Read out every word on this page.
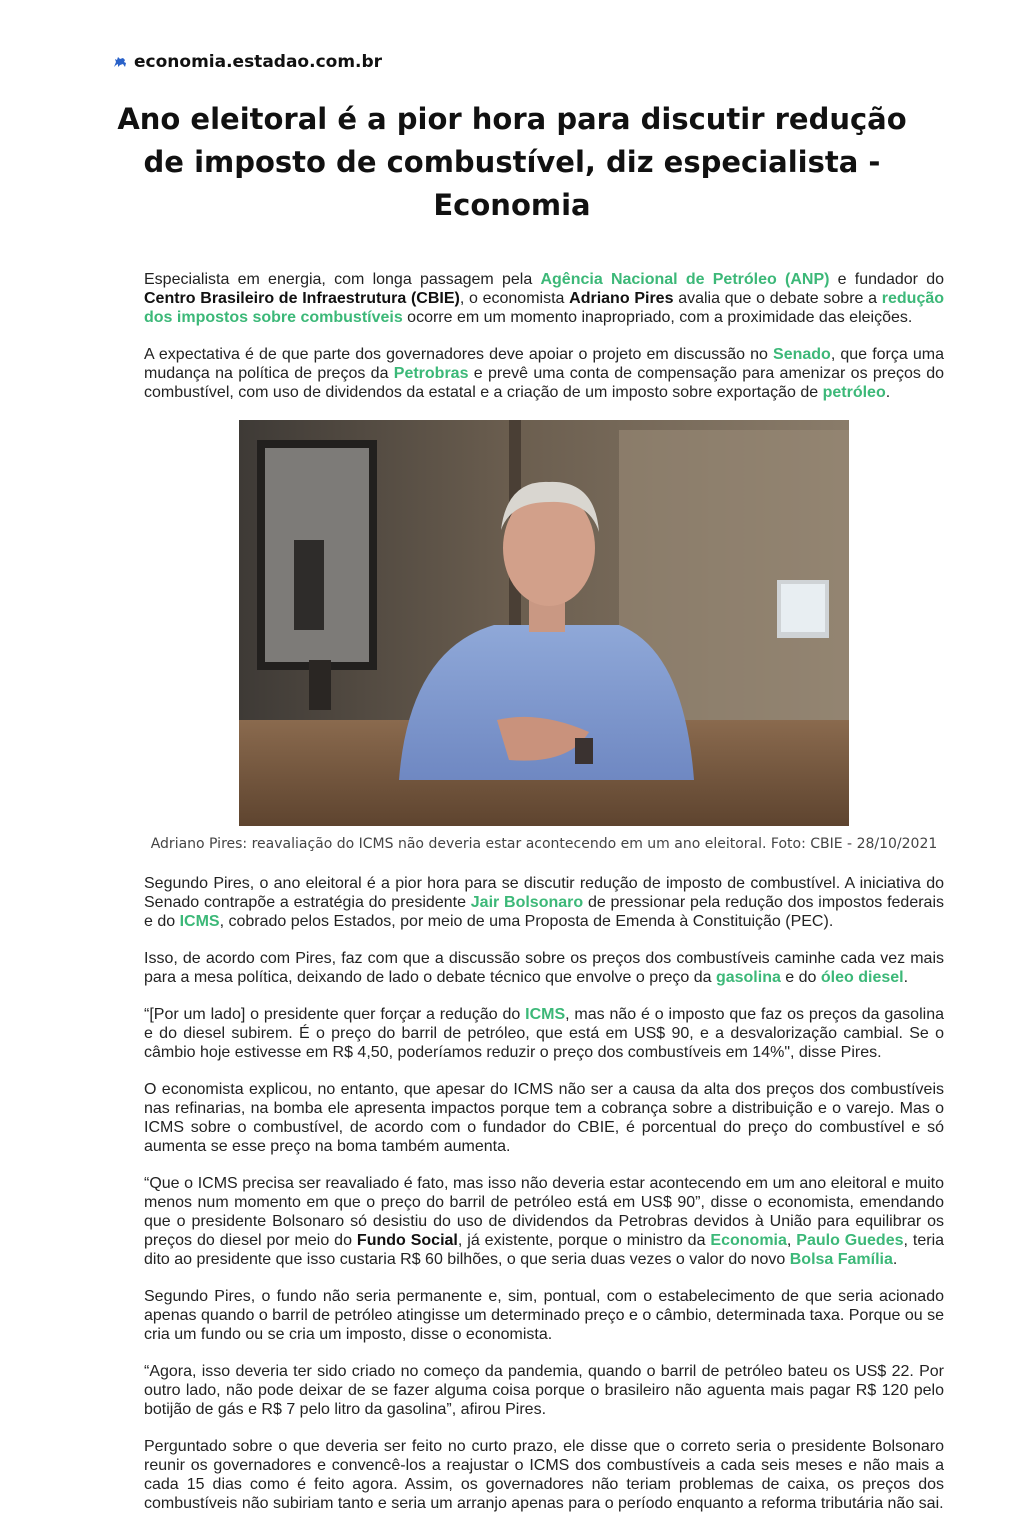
economia.estadao.com.br
Ano eleitoral é a pior hora para discutir redução de imposto de combustível, diz especialista - Economia

Especialista em energia, com longa passagem pela Agência Nacional de Petróleo (ANP) e fundador do Centro Brasileiro de Infraestrutura (CBIE), o economista Adriano Pires avalia que o debate sobre a redução dos impostos sobre combustíveis ocorre em um momento inapropriado, com a proximidade das eleições.

A expectativa é de que parte dos governadores deve apoiar o projeto em discussão no Senado, que força uma mudança na política de preços da Petrobras e prevê uma conta de compensação para amenizar os preços do combustível, com uso de dividendos da estatal e a criação de um imposto sobre exportação de petróleo.

Adriano Pires: reavaliação do ICMS não deveria estar acontecendo em um ano eleitoral. Foto: CBIE - 28/10/2021

Segundo Pires, o ano eleitoral é a pior hora para se discutir redução de imposto de combustível. A iniciativa do Senado contrapõe a estratégia do presidente Jair Bolsonaro de pressionar pela redução dos impostos federais e do ICMS, cobrado pelos Estados, por meio de uma Proposta de Emenda à Constituição (PEC).

Isso, de acordo com Pires, faz com que a discussão sobre os preços dos combustíveis caminhe cada vez mais para a mesa política, deixando de lado o debate técnico que envolve o preço da gasolina e do óleo diesel.

“[Por um lado] o presidente quer forçar a redução do ICMS, mas não é o imposto que faz os preços da gasolina e do diesel subirem. É o preço do barril de petróleo, que está em US$ 90, e a desvalorização cambial. Se o câmbio hoje estivesse em R$ 4,50, poderíamos reduzir o preço dos combustíveis em 14%", disse Pires.

O economista explicou, no entanto, que apesar do ICMS não ser a causa da alta dos preços dos combustíveis nas refinarias, na bomba ele apresenta impactos porque tem a cobrança sobre a distribuição e o varejo. Mas o ICMS sobre o combustível, de acordo com o fundador do CBIE, é porcentual do preço do combustível e só aumenta se esse preço na boma também aumenta.

“Que o ICMS precisa ser reavaliado é fato, mas isso não deveria estar acontecendo em um ano eleitoral e muito menos num momento em que o preço do barril de petróleo está em US$ 90”, disse o economista, emendando que o presidente Bolsonaro só desistiu do uso de dividendos da Petrobras devidos à União para equilibrar os preços do diesel por meio do Fundo Social, já existente, porque o ministro da Economia, Paulo Guedes, teria dito ao presidente que isso custaria R$ 60 bilhões, o que seria duas vezes o valor do novo Bolsa Família.

Segundo Pires, o fundo não seria permanente e, sim, pontual, com o estabelecimento de que seria acionado apenas quando o barril de petróleo atingisse um determinado preço e o câmbio, determinada taxa. Porque ou se cria um fundo ou se cria um imposto, disse o economista.

“Agora, isso deveria ter sido criado no começo da pandemia, quando o barril de petróleo bateu os US$ 22. Por outro lado, não pode deixar de se fazer alguma coisa porque o brasileiro não aguenta mais pagar R$ 120 pelo botijão de gás e R$ 7 pelo litro da gasolina”, afirou Pires.

Perguntado sobre o que deveria ser feito no curto prazo, ele disse que o correto seria o presidente Bolsonaro reunir os governadores e convencê-los a reajustar o ICMS dos combustíveis a cada seis meses e não mais a cada 15 dias como é feito agora. Assim, os governadores não teriam problemas de caixa, os preços dos combustíveis não subiriam tanto e seria um arranjo apenas para o período enquanto a reforma tributária não sai.
